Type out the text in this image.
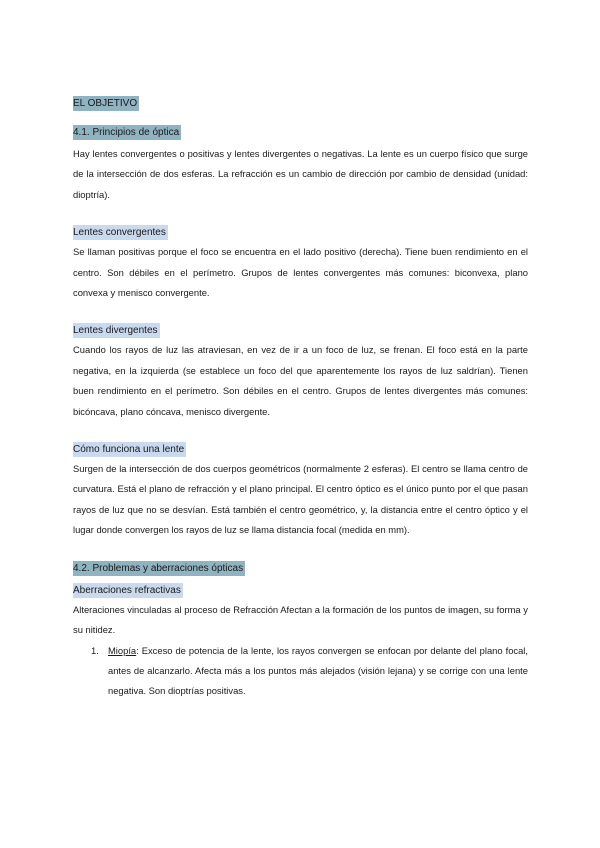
EL OBJETIVO
4.1. Principios de óptica

Hay lentes convergentes o positivas y lentes divergentes o negativas. La lente es un cuerpo físico que surge de la intersección de dos esferas. La refracción es un cambio de dirección por cambio de densidad (unidad: dioptría).

Lentes convergentes

Se llaman positivas porque el foco se encuentra en el lado positivo (derecha). Tiene buen rendimiento en el centro. Son débiles en el perímetro. Grupos de lentes convergentes más comunes: biconvexa, plano convexa y menisco convergente.

Lentes divergentes

Cuando los rayos de luz las atraviesan, en vez de ir a un foco de luz, se frenan. El foco está en la parte negativa, en la izquierda (se establece un foco del que aparentemente los rayos de luz saldrían). Tienen buen rendimiento en el perímetro. Son débiles en el centro. Grupos de lentes divergentes más comunes: bicóncava, plano cóncava, menisco divergente.

Cómo funciona una lente

Surgen de la intersección de dos cuerpos geométricos (normalmente 2 esferas). El centro se llama centro de curvatura. Está el plano de refracción y el plano principal. El centro óptico es el único punto por el que pasan rayos de luz que no se desvían. Está también el centro geométrico, y, la distancia entre el centro óptico y el lugar donde convergen los rayos de luz se llama distancia focal (medida en mm).

4.2. Problemas y aberraciones ópticas
Aberraciones refractivas

Alteraciones vinculadas al proceso de Refracción Afectan a la formación de los puntos de imagen, su forma y su nitidez.

1. Miopía: Exceso de potencia de la lente, los rayos convergen se enfocan por delante del plano focal, antes de alcanzarlo. Afecta más a los puntos más alejados (visión lejana) y se corrige con una lente negativa. Son dioptrías positivas.
